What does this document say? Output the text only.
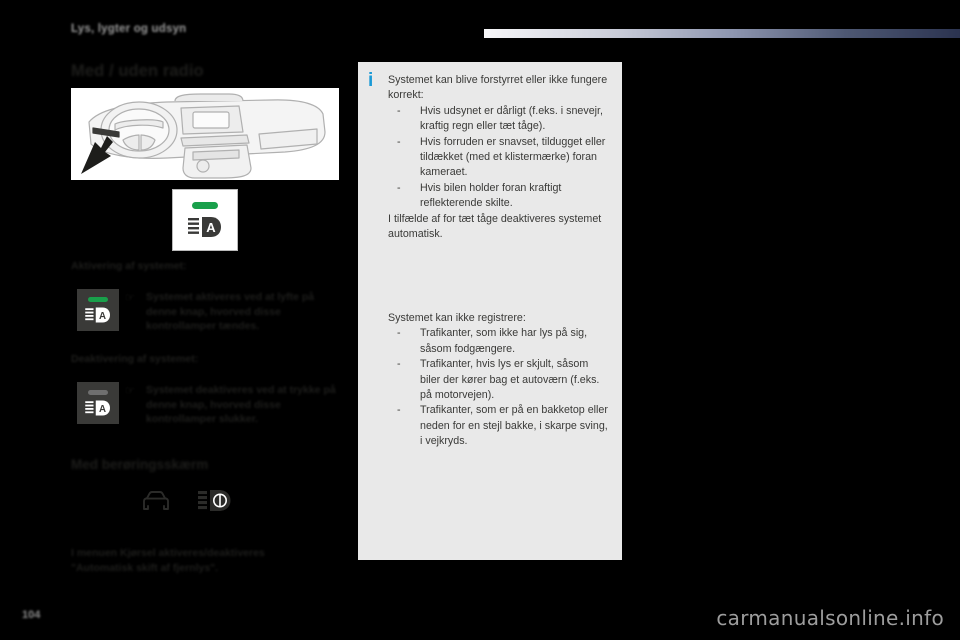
Lys, lygter og udsyn
Med / uden radio
A
Aktivering af systemet:
A
☞	Systemet aktiveres ved at lyfte på denne knap, hvorved disse kontrollamper tændes.
Deaktivering af systemet:
A
☞	Systemet deaktiveres ved at trykke på denne knap, hvorved disse kontrollamper slukker.
Med berøringsskærm
I menuen Kjørsel aktiveres/deaktiveres "Automatisk skift af fjernlys".
i Systemet kan blive forstyrret eller ikke fungere korrekt:
- Hvis udsynet er dårligt (f.eks. i snevejr, kraftig regn eller tæt tåge).
- Hvis forruden er snavset, tildugget eller tildækket (med et klistermærke) foran kameraet.
- Hvis bilen holder foran kraftigt reflekterende skilte.
I tilfælde af for tæt tåge deaktiveres systemet automatisk.
Systemet kan ikke registrere:
- Trafikanter, som ikke har lys på sig, såsom fodgængere.
- Trafikanter, hvis lys er skjult, såsom biler der kører bag et autoværn (f.eks. på motorvejen).
- Trafikanter, som er på en bakketop eller neden for en stejl bakke, i skarpe sving, i vejkryds.
104	carmanualsonline.info
